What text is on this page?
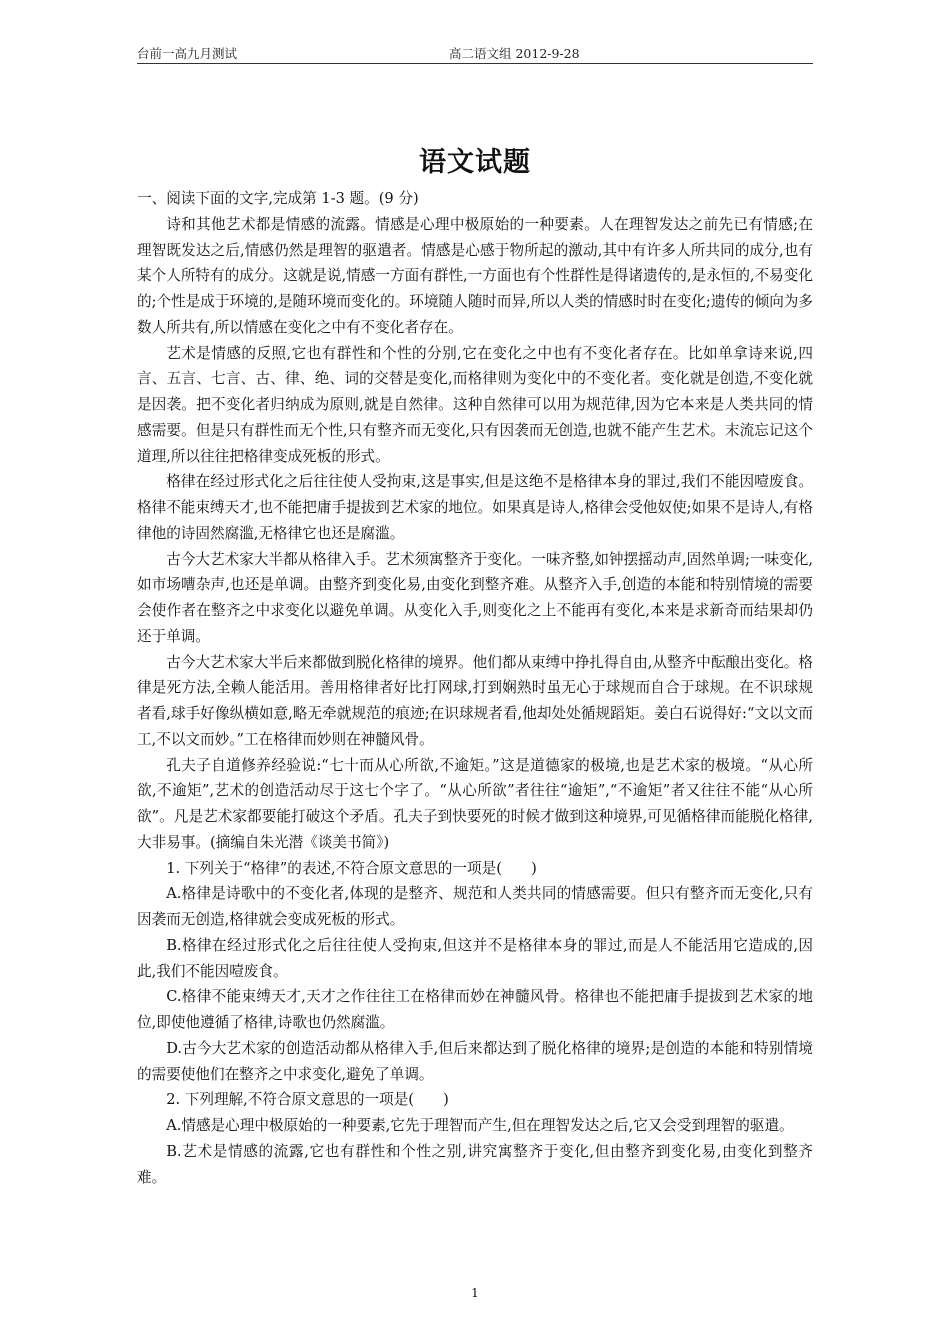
台前一高九月测试	高二语文组 2012-9-28
语文试题

一、阅读下面的文字,完成第 1-3 题。(9 分)

诗和其他艺术都是情感的流露。情感是心理中极原始的一种要素。人在理智发达之前先已有情感;在理智既发达之后,情感仍然是理智的驱遣者。情感是心感于物所起的激动,其中有许多人所共同的成分,也有某个人所特有的成分。这就是说,情感一方面有群性,一方面也有个性群性是得诸遗传的,是永恒的,不易变化的;个性是成于环境的,是随环境而变化的。环境随人随时而异,所以人类的情感时时在变化;遗传的倾向为多数人所共有,所以情感在变化之中有不变化者存在。

艺术是情感的反照,它也有群性和个性的分别,它在变化之中也有不变化者存在。比如单拿诗来说,四言、五言、七言、古、律、绝、词的交替是变化,而格律则为变化中的不变化者。变化就是创造,不变化就是因袭。把不变化者归纳成为原则,就是自然律。这种自然律可以用为规范律,因为它本来是人类共同的情感需要。但是只有群性而无个性,只有整齐而无变化,只有因袭而无创造,也就不能产生艺术。末流忘记这个道理,所以往往把格律变成死板的形式。

格律在经过形式化之后往往使人受拘束,这是事实,但是这绝不是格律本身的罪过,我们不能因噎废食。格律不能束缚天才,也不能把庸手提拔到艺术家的地位。如果真是诗人,格律会受他奴使;如果不是诗人,有格律他的诗固然腐滥,无格律它也还是腐滥。

古今大艺术家大半都从格律入手。艺术须寓整齐于变化。一味齐整,如钟摆摇动声,固然单调;一味变化,如市场嘈杂声,也还是单调。由整齐到变化易,由变化到整齐难。从整齐入手,创造的本能和特别情境的需要会使作者在整齐之中求变化以避免单调。从变化入手,则变化之上不能再有变化,本来是求新奇而结果却仍还于单调。

古今大艺术家大半后来都做到脱化格律的境界。他们都从束缚中挣扎得自由,从整齐中酝酿出变化。格律是死方法,全赖人能活用。善用格律者好比打网球,打到娴熟时虽无心于球规而自合于球规。在不识球规者看,球手好像纵横如意,略无牵就规范的痕迹;在识球规者看,他却处处循规蹈矩。姜白石说得好:“文以文而工,不以文而妙。”工在格律而妙则在神髓风骨。

孔夫子自道修养经验说:“七十而从心所欲,不逾矩。”这是道德家的极境,也是艺术家的极境。“从心所欲,不逾矩”,艺术的创造活动尽于这七个字了。“从心所欲”者往往“逾矩”,“不逾矩”者又往往不能“从心所欲”。凡是艺术家都要能打破这个矛盾。孔夫子到快要死的时候才做到这种境界,可见循格律而能脱化格律,大非易事。(摘编自朱光潜《谈美书简》)

1. 下列关于“格律”的表述,不符合原文意思的一项是(　　)

A.格律是诗歌中的不变化者,体现的是整齐、规范和人类共同的情感需要。但只有整齐而无变化,只有因袭而无创造,格律就会变成死板的形式。

B.格律在经过形式化之后往往使人受拘束,但这并不是格律本身的罪过,而是人不能活用它造成的,因此,我们不能因噎废食。

C.格律不能束缚天才,天才之作往往工在格律而妙在神髓风骨。格律也不能把庸手提拔到艺术家的地位,即使他遵循了格律,诗歌也仍然腐滥。

D.古今大艺术家的创造活动都从格律入手,但后来都达到了脱化格律的境界;是创造的本能和特别情境的需要使他们在整齐之中求变化,避免了单调。

2. 下列理解,不符合原文意思的一项是(　　)

A.情感是心理中极原始的一种要素,它先于理智而产生,但在理智发达之后,它又会受到理智的驱遣。

B.艺术是情感的流露,它也有群性和个性之别,讲究寓整齐于变化,但由整齐到变化易,由变化到整齐难。

1
